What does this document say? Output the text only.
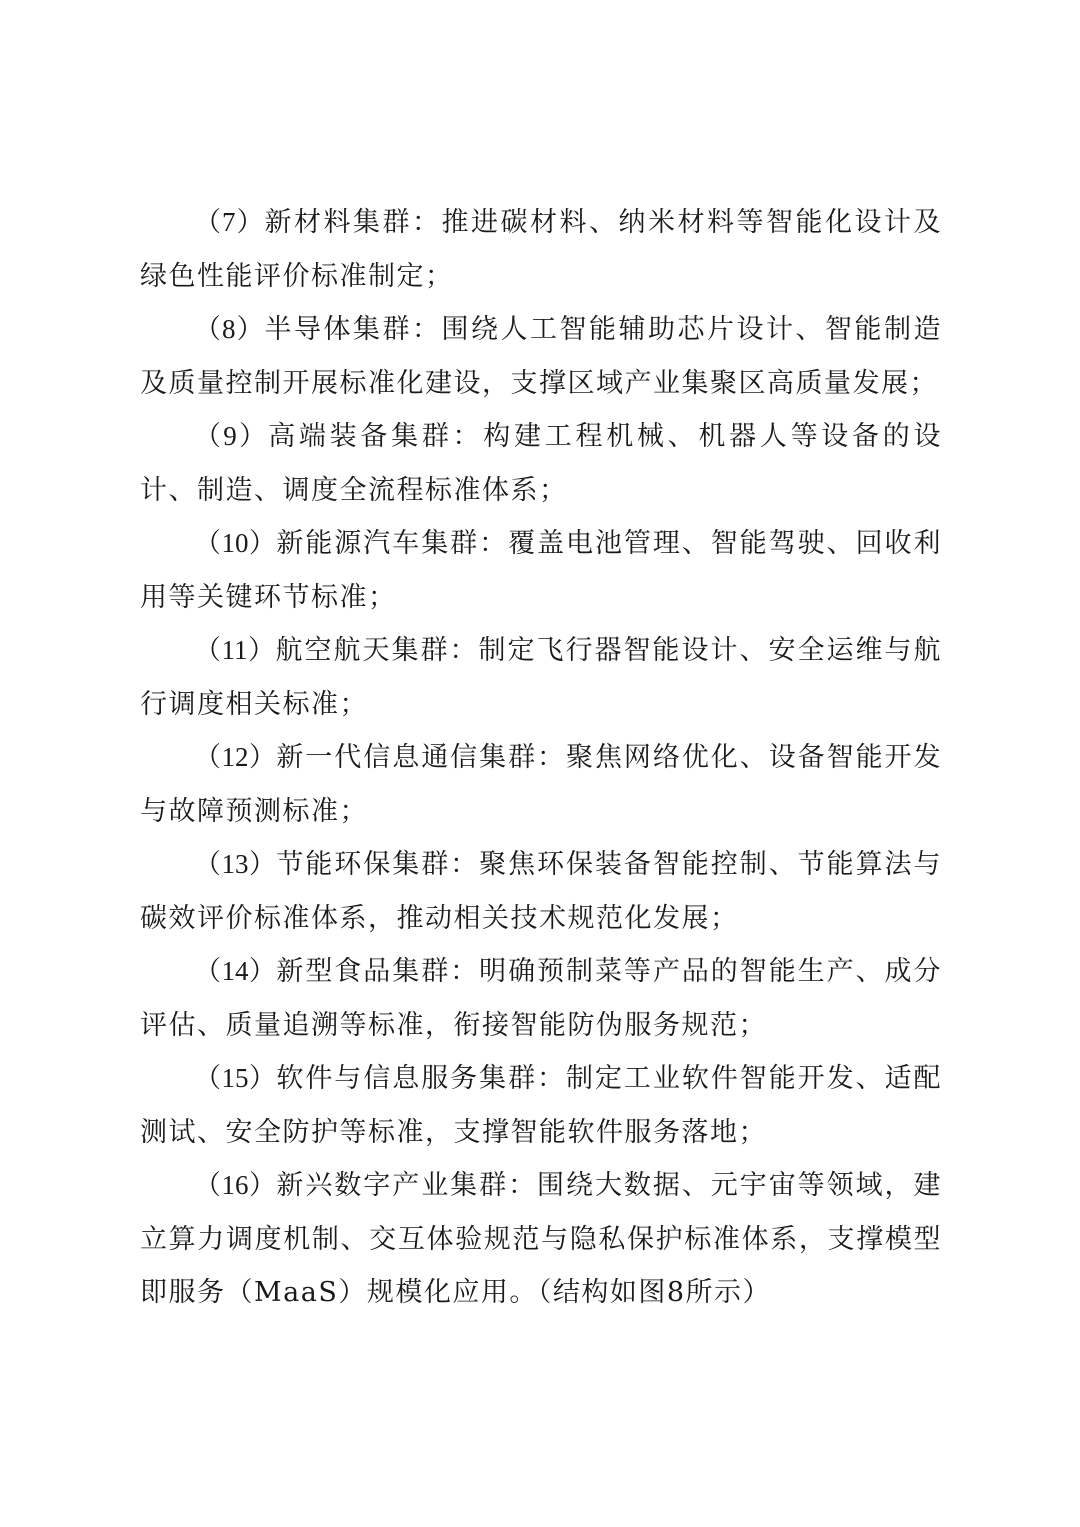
（7）新材料集群：推进碳材料、纳米材料等智能化设计及绿色性能评价标准制定；

（8）半导体集群：围绕人工智能辅助芯片设计、智能制造及质量控制开展标准化建设，支撑区域产业集聚区高质量发展；

（9）高端装备集群：构建工程机械、机器人等设备的设计、制造、调度全流程标准体系；

（10）新能源汽车集群：覆盖电池管理、智能驾驶、回收利用等关键环节标准；

（11）航空航天集群：制定飞行器智能设计、安全运维与航行调度相关标准；

（12）新一代信息通信集群：聚焦网络优化、设备智能开发与故障预测标准；

（13）节能环保集群：聚焦环保装备智能控制、节能算法与碳效评价标准体系，推动相关技术规范化发展；

（14）新型食品集群：明确预制菜等产品的智能生产、成分评估、质量追溯等标准，衔接智能防伪服务规范；

（15）软件与信息服务集群：制定工业软件智能开发、适配测试、安全防护等标准，支撑智能软件服务落地；

（16）新兴数字产业集群：围绕大数据、元宇宙等领域，建立算力调度机制、交互体验规范与隐私保护标准体系，支撑模型即服务（MaaS）规模化应用。（结构如图8所示）
